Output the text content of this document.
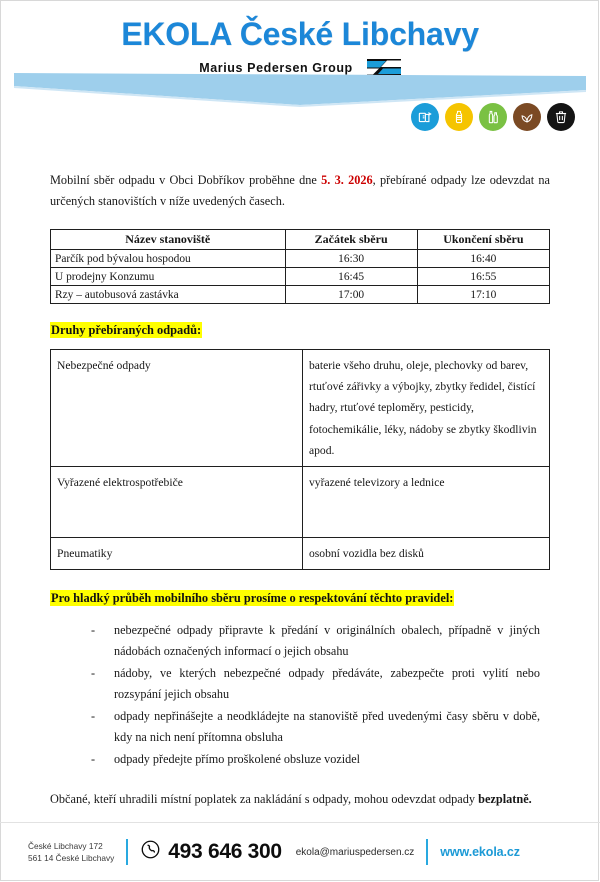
EKOLA České Libchavy
Marius Pedersen Group

Mobilní sběr odpadu v Obci Dobříkov proběhne dne 5. 3. 2026, přebírané odpady lze odevzdat na určených stanovištích v níže uvedených časech.

Název stanoviště	Začátek sběru	Ukončení sběru
Parčík pod bývalou hospodou	16:30	16:40
U prodejny Konzumu	16:45	16:55
Rzy – autobusová zastávka	17:00	17:10
Druhy přebíraných odpadů:
Nebezpečné odpady	baterie všeho druhu, oleje, plechovky od barev, rtuťové zářivky a výbojky, zbytky ředidel, čistící hadry, rtuťové teploměry, pesticidy, fotochemikálie, léky, nádoby se zbytky škodlivin apod.
Vyřazené elektrospotřebiče	vyřazené televizory a lednice
Pneumatiky	osobní vozidla bez disků
Pro hladký průběh mobilního sběru prosíme o respektování těchto pravidel:
- nebezpečné odpady připravte k předání v originálních obalech, případně v jiných nádobách označených informací o jejich obsahu
- nádoby, ve kterých nebezpečné odpady předáváte, zabezpečte proti vylití nebo rozsypání jejich obsahu
- odpady nepřinášejte a neodkládejte na stanoviště před uvedenými časy sběru v době, kdy na nich není přítomna obsluha
- odpady předejte přímo proškolené obsluze vozidel

Občané, kteří uhradili místní poplatek za nakládání s odpady, mohou odevzdat odpady bezplatně.

České Libchavy 172
561 14 České Libchavy	493 646 300 ekola@mariuspedersen.cz www.ekola.cz
